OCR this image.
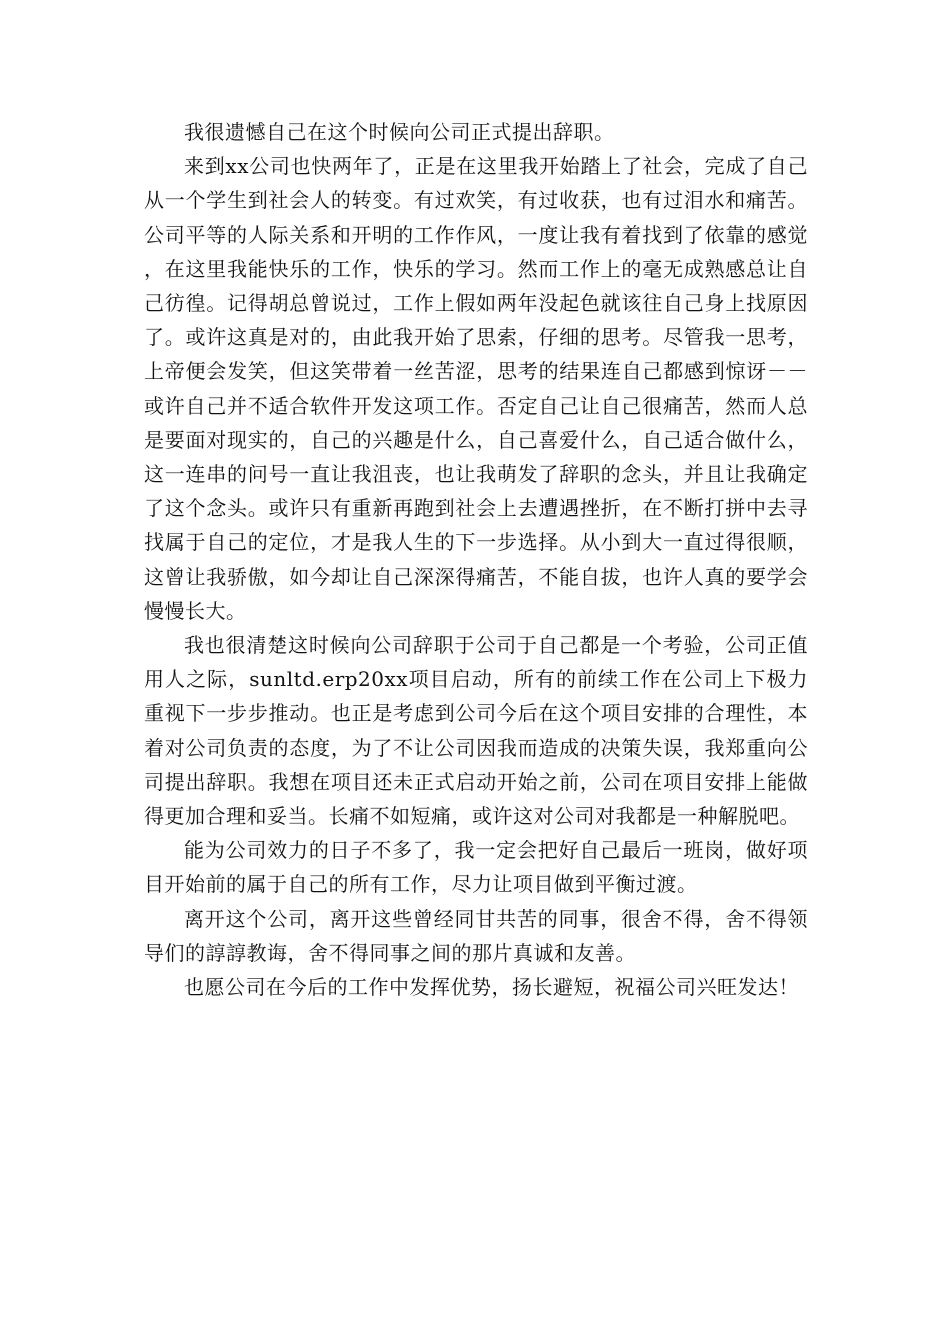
我很遗憾自己在这个时候向公司正式提出辞职。

来到xx公司也快两年了，正是在这里我开始踏上了社会，完成了自己从一个学生到社会人的转变。有过欢笑，有过收获，也有过泪水和痛苦。公司平等的人际关系和开明的工作作风，一度让我有着找到了依靠的感觉，在这里我能快乐的工作，快乐的学习。然而工作上的毫无成熟感总让自己彷徨。记得胡总曾说过，工作上假如两年没起色就该往自己身上找原因了。或许这真是对的，由此我开始了思索，仔细的思考。尽管我一思考，上帝便会发笑，但这笑带着一丝苦涩，思考的结果连自己都感到惊讶－－或许自己并不适合软件开发这项工作。否定自己让自己很痛苦，然而人总是要面对现实的，自己的兴趣是什么，自己喜爱什么，自己适合做什么，这一连串的问号一直让我沮丧，也让我萌发了辞职的念头，并且让我确定了这个念头。或许只有重新再跑到社会上去遭遇挫折，在不断打拼中去寻找属于自己的定位，才是我人生的下一步选择。从小到大一直过得很顺，这曾让我骄傲，如今却让自己深深得痛苦，不能自拔，也许人真的要学会慢慢长大。

我也很清楚这时候向公司辞职于公司于自己都是一个考验，公司正值用人之际，sunltd.erp20xx项目启动，所有的前续工作在公司上下极力重视下一步步推动。也正是考虑到公司今后在这个项目安排的合理性，本着对公司负责的态度，为了不让公司因我而造成的决策失误，我郑重向公司提出辞职。我想在项目还未正式启动开始之前，公司在项目安排上能做得更加合理和妥当。长痛不如短痛，或许这对公司对我都是一种解脱吧。

能为公司效力的日子不多了，我一定会把好自己最后一班岗，做好项目开始前的属于自己的所有工作，尽力让项目做到平衡过渡。

离开这个公司，离开这些曾经同甘共苦的同事，很舍不得，舍不得领导们的諄諄教诲，舍不得同事之间的那片真诚和友善。

也愿公司在今后的工作中发挥优势，扬长避短，祝福公司兴旺发达！
